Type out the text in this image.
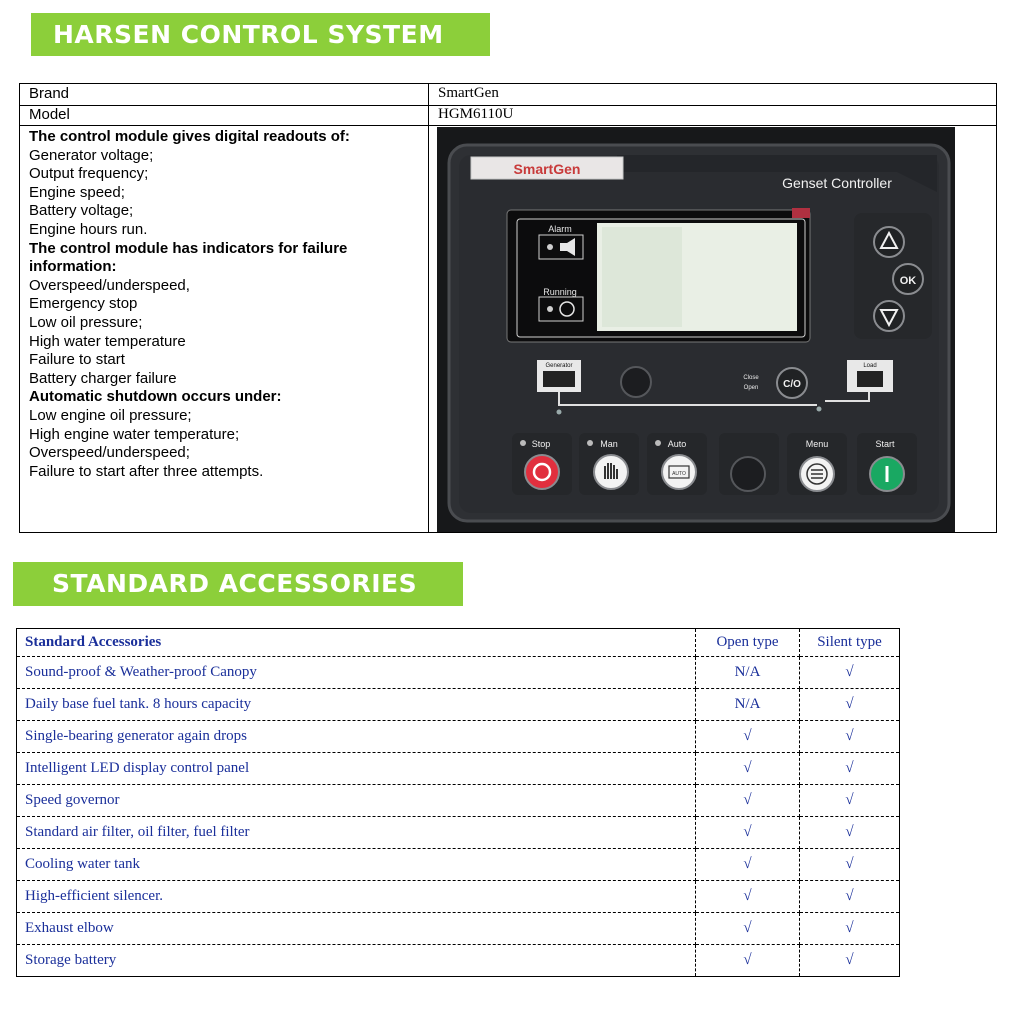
HARSEN CONTROL SYSTEM
Brand	SmartGen
Model	HGM6110U
The control module gives digital readouts of:
Generator voltage;
Output frequency;
Engine speed;
Battery voltage;
Engine hours run.
The control module has indicators for failure information:
Overspeed/underspeed,
Emergency stop
Low oil pressure;
High water temperature
Failure to start
Battery charger failure
Automatic shutdown occurs under:
Low engine oil pressure;
High engine water temperature;
Overspeed/underspeed;
Failure to start after three attempts.
SmartGen
Genset Controller
Alarm
Running
OK
Generator
Close
Open C/O
Load
Stop	Man	Auto
AUTO
Menu	Start
STANDARD ACCESSORIES
Standard Accessories	Open type	Silent type
Sound-proof & Weather-proof Canopy	N/A	√
Daily base fuel tank. 8 hours capacity	N/A	√
Single-bearing generator again drops	√	√
Intelligent LED display control panel	√	√
Speed governor	√	√
Standard air filter, oil filter, fuel filter	√	√
Cooling water tank	√	√
High-efficient silencer.	√	√
Exhaust elbow	√	√
Storage battery	√	√
